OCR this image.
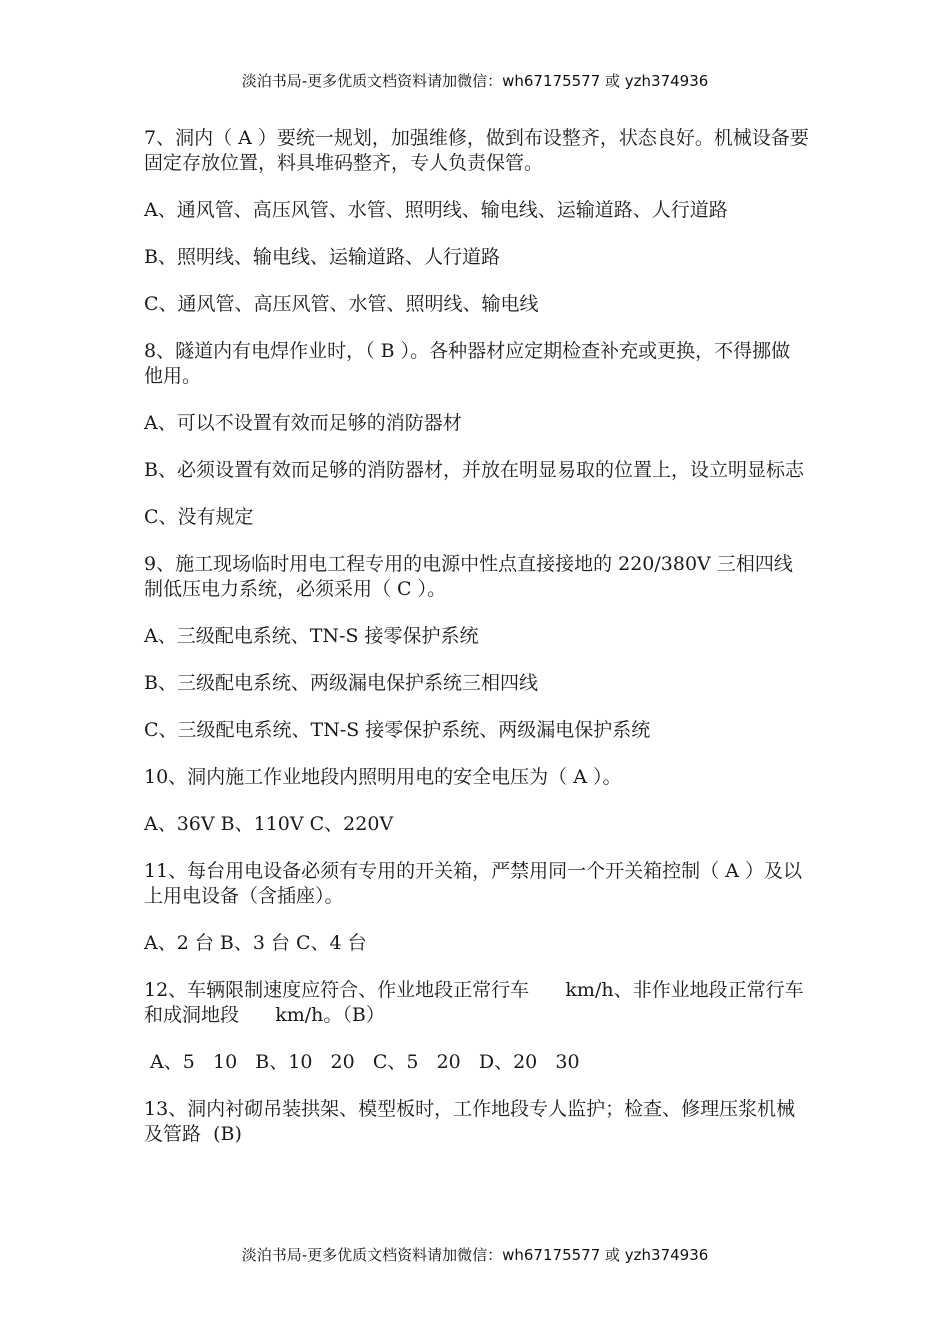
淡泊书局-更多优质文档资料请加微信：wh67175577 或 yzh374936

7、洞内（ A ）要统一规划，加强维修，做到布设整齐，状态良好。机械设备要固定存放位置，料具堆码整齐，专人负责保管。

A、通风管、高压风管、水管、照明线、输电线、运输道路、人行道路

B、照明线、输电线、运输道路、人行道路

C、通风管、高压风管、水管、照明线、输电线

8、隧道内有电焊作业时，（ B ）。各种器材应定期检查补充或更换，不得挪做他用。

A、可以不设置有效而足够的消防器材

B、必须设置有效而足够的消防器材，并放在明显易取的位置上，设立明显标志

C、没有规定

9、施工现场临时用电工程专用的电源中性点直接接地的 220/380V 三相四线制低压电力系统，必须采用（ C ）。

A、三级配电系统、TN-S 接零保护系统

B、三级配电系统、两级漏电保护系统三相四线

C、三级配电系统、TN-S 接零保护系统、两级漏电保护系统

10、洞内施工作业地段内照明用电的安全电压为（ A ）。

A、36V B、110V C、220V

11、每台用电设备必须有专用的开关箱，严禁用同一个开关箱控制（ A ）及以上用电设备（含插座）。

A、2 台 B、3 台 C、4 台

12、车辆限制速度应符合、作业地段正常行车      km/h、非作业地段正常行车和成洞地段      km/h。（B）

A、5   10   B、10   20   C、5   20   D、20   30

13、洞内衬砌吊装拱架、模型板时，工作地段专人监护；检查、修理压浆机械及管路  (B)

淡泊书局-更多优质文档资料请加微信：wh67175577 或 yzh374936
